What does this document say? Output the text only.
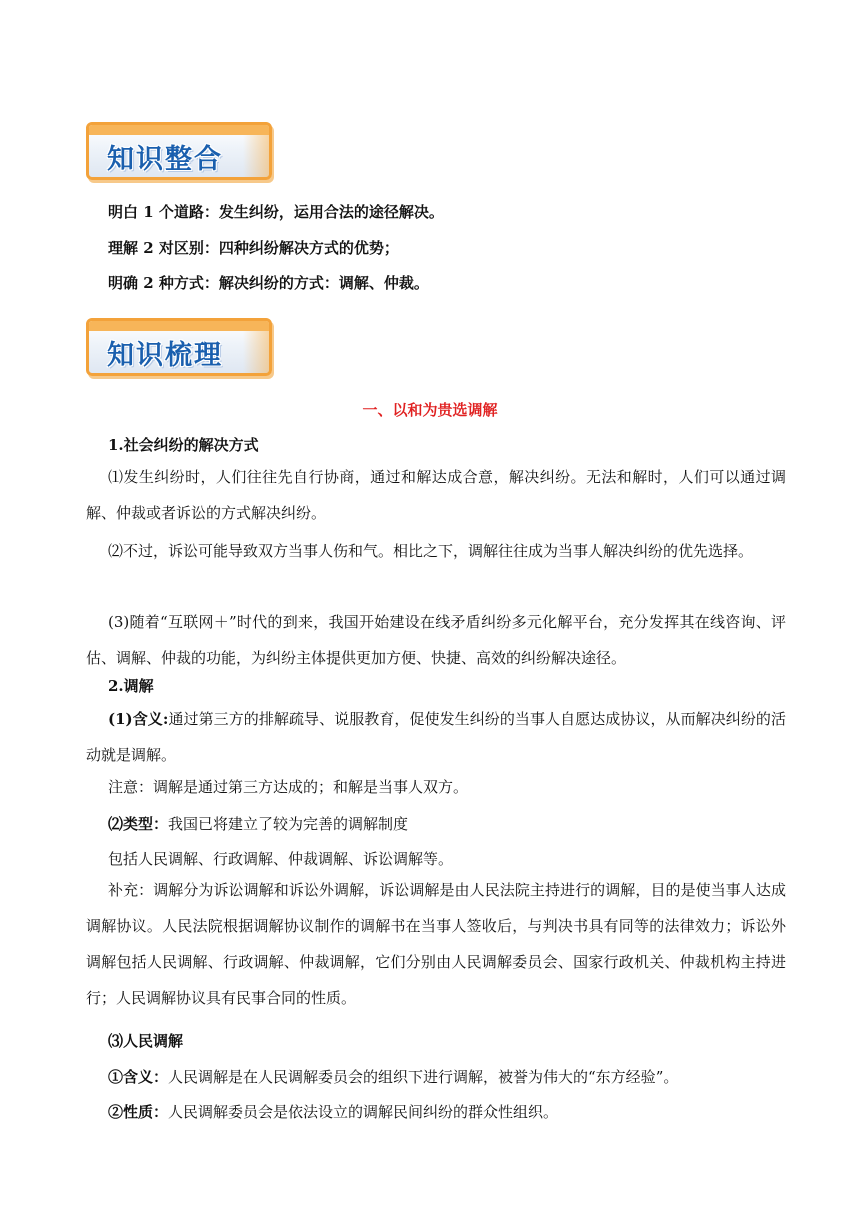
知识整合
明白 1 个道路：发生纠纷，运用合法的途径解决。
理解 2 对区别：四种纠纷解决方式的优势；
明确 2 种方式：解决纠纷的方式：调解、仲裁。
知识梳理
一、以和为贵选调解
1.社会纠纷的解决方式
⑴发生纠纷时，人们往往先自行协商，通过和解达成合意，解决纠纷。无法和解时，人们可以通过调解、仲裁或者诉讼的方式解决纠纷。
⑵不过，诉讼可能导致双方当事人伤和气。相比之下，调解往往成为当事人解决纠纷的优先选择。
(3)随着“互联网＋”时代的到来，我国开始建设在线矛盾纠纷多元化解平台，充分发挥其在线咨询、评估、调解、仲裁的功能，为纠纷主体提供更加方便、快捷、高效的纠纷解决途径。
2.调解
(1)含义:通过第三方的排解疏导、说服教育，促使发生纠纷的当事人自愿达成协议，从而解决纠纷的活动就是调解。
注意：调解是通过第三方达成的；和解是当事人双方。
⑵类型：我国已将建立了较为完善的调解制度
包括人民调解、行政调解、仲裁调解、诉讼调解等。
补充：调解分为诉讼调解和诉讼外调解，诉讼调解是由人民法院主持进行的调解，目的是使当事人达成调解协议。人民法院根据调解协议制作的调解书在当事人签收后，与判决书具有同等的法律效力；诉讼外调解包括人民调解、行政调解、仲裁调解，它们分别由人民调解委员会、国家行政机关、仲裁机构主持进行；人民调解协议具有民事合同的性质。
⑶人民调解
①含义：人民调解是在人民调解委员会的组织下进行调解，被誉为伟大的“东方经验”。
②性质：人民调解委员会是依法设立的调解民间纠纷的群众性组织。
